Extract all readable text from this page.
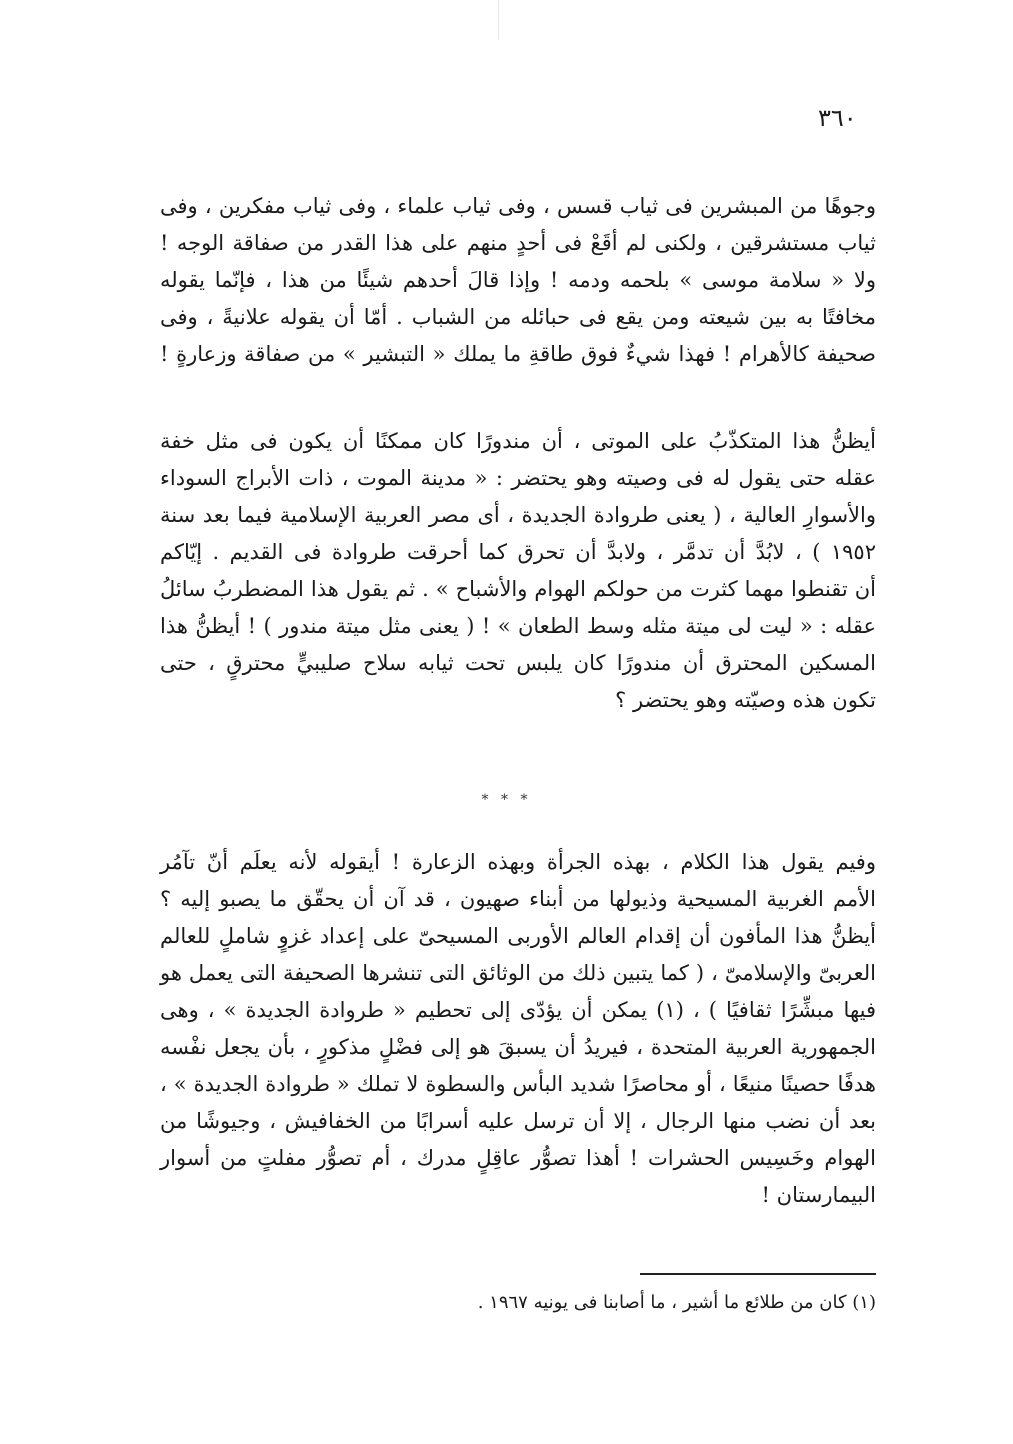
٣٦٠
وجوهًا من المبشرين فى ثياب قسس ، وفى ثياب علماء ، وفى ثياب مفكرين ، وفى
ثياب مستشرقين ، ولكنى لم أقَعْ فى أحدٍ منهم على هذا القدر من صفاقة الوجه !
ولا « سلامة موسى » بلحمه ودمه ! وإذا قالَ أحدهم شيئًا من هذا ، فإنّما يقوله
مخافتًا به بين شيعته ومن يقع فى حبائله من الشباب . أمّا أن يقوله علانيةً ، وفى
صحيفة كالأهرام ! فهذا شيءٌ فوق طاقةِ ما يملك « التبشير » من صفاقة وزعارةٍ !
أيظنُّ هذا المتكذّبُ على الموتى ، أن مندورًا كان ممكنًا أن يكون فى مثل خفة
عقله حتى يقول له فى وصيته وهو يحتضر : « مدينة الموت ، ذات الأبراج السوداء
والأسوارِ العالية ، ( يعنى طروادة الجديدة ، أى مصر العربية الإسلامية فيما بعد سنة
١٩٥٢ ) ، لابُدَّ أن تدمَّر ، ولابدَّ أن تحرق كما أحرقت طروادة فى القديم . إيّاكم
أن تقنطوا مهما كثرت من حولكم الهوام والأشباح » . ثم يقول هذا المضطربُ سائلُ
عقله : « ليت لى ميتة مثله وسط الطعان » ! ( يعنى مثل ميتة مندور ) ! أيظنُّ هذا
المسكين المحترق أن مندورًا كان يلبس تحت ثيابه سلاح صليبيٍّ محترقٍ ، حتى
تكون هذه وصيّته وهو يحتضر ؟
* * *
وفيم يقول هذا الكلام ، بهذه الجرأة وبهذه الزعارة ! أيقوله لأنه يعلَم أنّ تآمُر
الأمم الغربية المسيحية وذيولها من أبناء صهيون ، قد آن أن يحقّق ما يصبو إليه ؟
أيظنُّ هذا المأفون أن إقدام العالم الأوربى المسيحىّ على إعداد غزوٍ شاملٍ للعالم
العربىّ والإسلامىّ ، ( كما يتبين ذلك من الوثائق التى تنشرها الصحيفة التى يعمل هو
فيها مبشِّرًا ثقافيًا ) ، (١) يمكن أن يؤدّى إلى تحطيم « طروادة الجديدة » ، وهى
الجمهورية العربية المتحدة ، فيريدُ أن يسبقَ هو إلى فضْلٍ مذكورٍ ، بأن يجعل نفْسه
هدفًا حصينًا منيعًا ، أو محاصرًا شديد البأس والسطوة لا تملك « طروادة الجديدة » ،
بعد أن نضب منها الرجال ، إلا أن ترسل عليه أسرابًا من الخفافيش ، وجيوشًا من
الهوام وخَسِيس الحشرات ! أهذا تصوُّر عاقِلٍ مدرك ، أم تصوُّر مفلتٍ من أسوار
البيمارستان !
(١) كان من طلائع ما أشير ، ما أصابنا فى يونيه ١٩٦٧ .
